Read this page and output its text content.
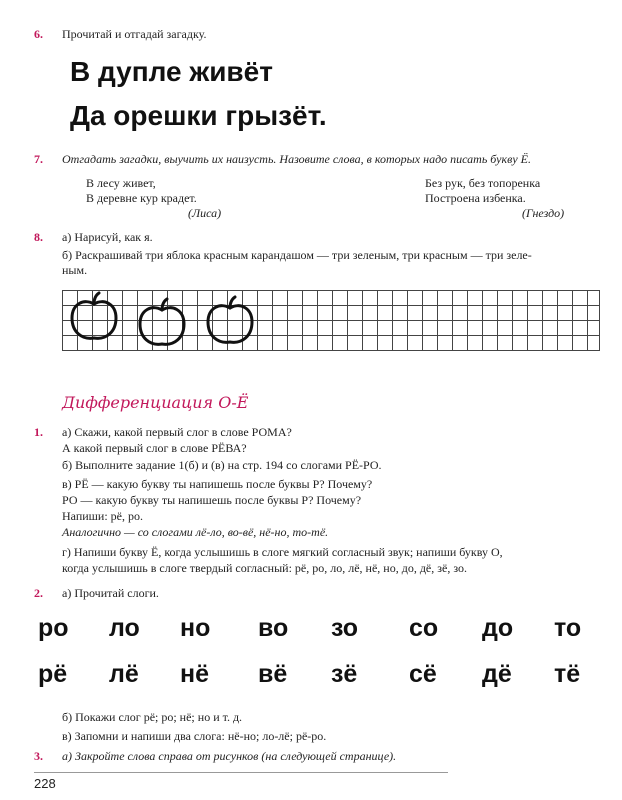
6. Прочитай и отгадай загадку.
В дупле живёт
Да орешки грызёт.
7. Отгадать загадки, выучить их наизусть. Назовите слова, в которых надо писать букву Ё.
В лесу живет,
В деревне кур крадет.
(Лиса)
Без рук, без топоренка
Построена избенка.
(Гнездо)
8. а) Нарисуй, как я.
б) Раскрашивай три яблока красным карандашом — три зеленым, три красным — три зеле-
ным.
Дифференциация О-Ё
1. а) Скажи, какой первый слог в слове РОМА?
А какой первый слог в слове РЁВА?
б) Выполните задание 1(б) и (в) на стр. 194 со слогами РЁ-РО.
в) РЁ — какую букву ты напишешь после буквы Р? Почему?
РО — какую букву ты напишешь после буквы Р? Почему?
Напиши: рё, ро.
Аналогично — со слогами лё-ло, во-вё, нё-но, то-тё.
г) Напиши букву Ё, когда услышишь в слоге мягкий согласный звук; напиши букву О,
когда услышишь в слоге твердый согласный: рё, ро, ло, лё, нё, но, до, дё, зё, зо.
2. а) Прочитай слоги.
ро	ло	но	во	зо	со	до	то
рё	лё	нё	вё	зё	сё	дё	тё
б) Покажи слог рё; ро; нё; но и т. д.
в) Запомни и напиши два слога: нё-но; ло-лё; рё-ро.
3. а) Закройте слова справа от рисунков (на следующей странице).
228
